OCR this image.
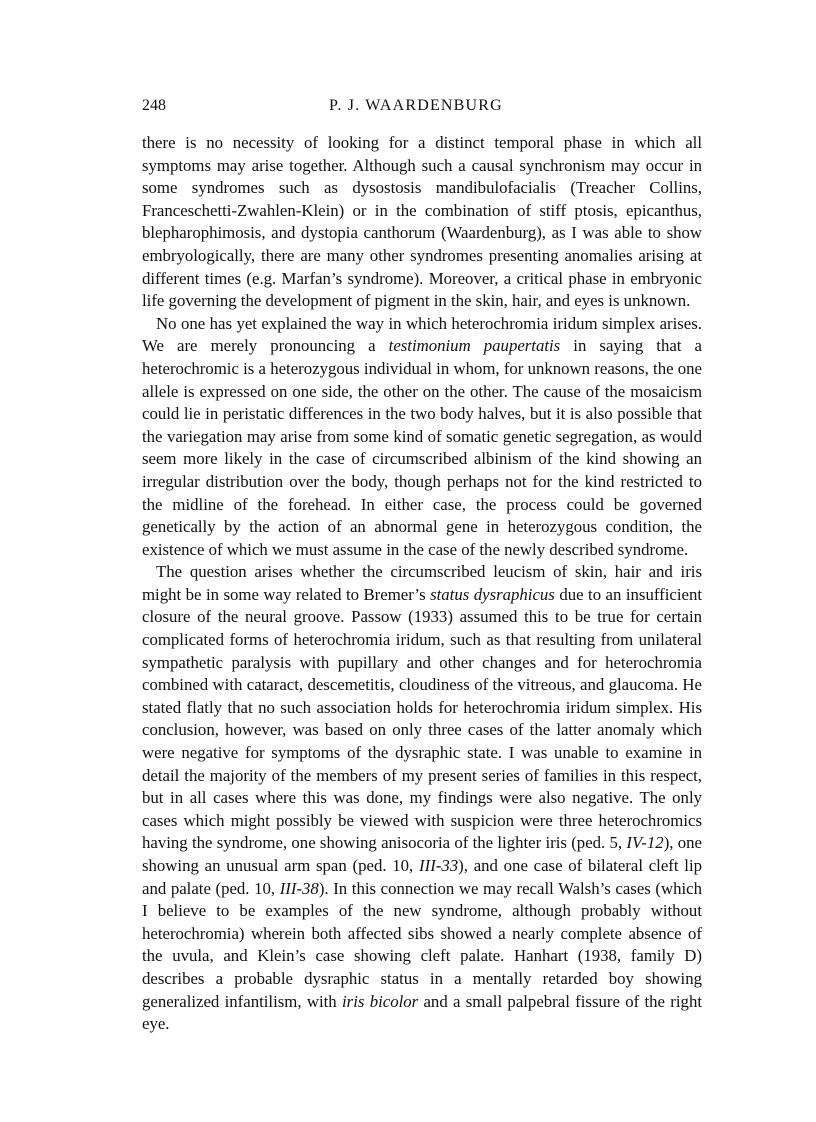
248	P. J. WAARDENBURG

there is no necessity of looking for a distinct temporal phase in which all symptoms may arise together. Although such a causal synchronism may occur in some syndromes such as dysostosis mandibulofacialis (Treacher Collins, Franceschetti-Zwahlen-Klein) or in the combination of stiff ptosis, epicanthus, blepharophimosis, and dystopia canthorum (Waardenburg), as I was able to show embryologically, there are many other syndromes presenting anomalies arising at different times (e.g. Marfan’s syndrome). Moreover, a critical phase in embryonic life governing the development of pigment in the skin, hair, and eyes is unknown.

No one has yet explained the way in which heterochromia iridum simplex arises. We are merely pronouncing a testimonium paupertatis in saying that a heterochromic is a heterozygous individual in whom, for unknown reasons, the one allele is expressed on one side, the other on the other. The cause of the mosaicism could lie in peristatic differences in the two body halves, but it is also possible that the variegation may arise from some kind of somatic genetic segregation, as would seem more likely in the case of circumscribed albinism of the kind showing an irregular distribution over the body, though perhaps not for the kind restricted to the midline of the forehead. In either case, the process could be governed genetically by the action of an abnormal gene in heterozygous condition, the existence of which we must assume in the case of the newly described syndrome.

The question arises whether the circumscribed leucism of skin, hair and iris might be in some way related to Bremer’s status dysraphicus due to an insufficient closure of the neural groove. Passow (1933) assumed this to be true for certain complicated forms of heterochromia iridum, such as that resulting from unilateral sympathetic paralysis with pupillary and other changes and for heterochromia combined with cataract, descemetitis, cloudiness of the vitreous, and glaucoma. He stated flatly that no such association holds for heterochromia iridum simplex. His conclusion, however, was based on only three cases of the latter anomaly which were negative for symptoms of the dysraphic state. I was unable to examine in detail the majority of the members of my present series of families in this respect, but in all cases where this was done, my findings were also negative. The only cases which might possibly be viewed with suspicion were three heterochromics having the syndrome, one showing anisocoria of the lighter iris (ped. 5, IV-12), one showing an unusual arm span (ped. 10, III-33), and one case of bilateral cleft lip and palate (ped. 10, III-38). In this connection we may recall Walsh’s cases (which I believe to be examples of the new syndrome, although probably without heterochromia) wherein both affected sibs showed a nearly complete absence of the uvula, and Klein’s case showing cleft palate. Hanhart (1938, family D) describes a probable dysraphic status in a mentally retarded boy showing generalized infantilism, with iris bicolor and a small palpebral fissure of the right eye.
